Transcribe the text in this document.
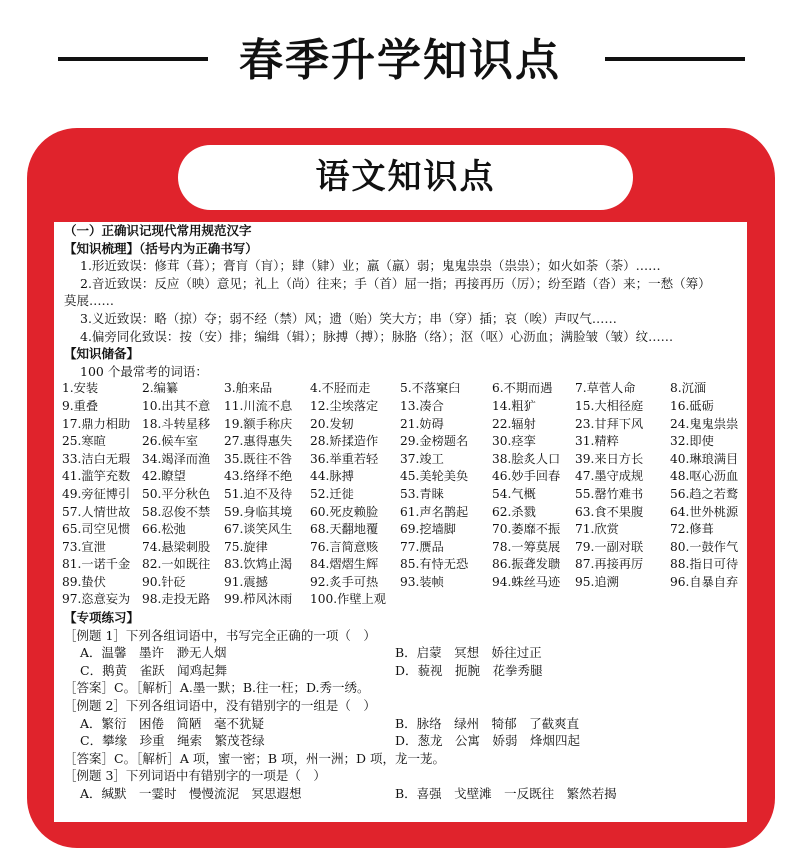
春季升学知识点
语文知识点
（一）正确识记现代常用规范汉字
【知识梳理】（括号内为正确书写）
1.形近致误：修茸（葺）；膏肓（肓）；肆（肄）业；羸（羸）弱；鬼鬼祟祟（祟祟）；如火如荼（荼）……
2.音近致误：反应（映）意见；礼上（尚）往来；手（首）屈一指；再接再历（厉）；纷至踏（沓）来；一愁（筹）
莫展……
3.义近致误：略（掠）夺；弱不经（禁）风；遗（贻）笑大方；串（穿）插；哀（唉）声叹气……
4.偏旁同化致误：按（安）排；编缉（辑）；脉搏（搏）；脉胳（络）；沤（呕）心沥血；满脸皱（皱）纹……
【知识储备】
100 个最常考的词语：
1.安装	2.编纂	3.舶来品	4.不胫而走	5.不落窠臼	6.不期而遇	7.草菅人命	8.沉湎
9.重叠	10.出其不意	11.川流不息	12.尘埃落定	13.凑合	14.粗犷	15.大相径庭	16.砥砺
17.鼎力相助 18.斗转星移	19.额手称庆	20.发轫	21.妨碍	22.辐射	23.甘拜下风	24.鬼鬼祟祟
25.寒暄	26.候车室	27.惠得惠失	28.矫揉造作	29.金榜题名	30.痉挛	31.精粹	32.即使
33.洁白无瑕 34.竭泽而渔	35.既往不咎	36.举重若轻	37.竣工	38.脍炙人口	39.来日方长	40.琳琅满目
41.滥竽充数 42.瞭望	43.络绎不绝	44.脉搏	45.美轮美奂	46.妙手回春	47.墨守成规	48.呕心沥血
49.旁征博引 50.平分秋色	51.迫不及待	52.迁徙	53.青睐	54.气概	55.罄竹难书	56.趋之若鹜
57.人情世故 58.忍俊不禁	59.身临其境	60.死皮赖脸	61.声名鹊起	62.杀戮	63.食不果腹	64.世外桃源
65.司空见惯 66.松弛	67.谈笑风生	68.天翻地覆	69.挖墙脚	70.萎靡不振	71.欣赏	72.修葺
73.宣泄	74.悬梁刺股	75.旋律	76.言简意赅	77.赝品	78.一筹莫展	79.一副对联	80.一鼓作气
81.一诺千金 82.一如既往	83.饮鸩止渴	84.熠熠生辉	85.有恃无恐	86.振聋发聩	87.再接再厉	88.指日可待
89.蛰伏	90.针砭	91.震撼	92.炙手可热	93.装帧	94.蛛丝马迹	95.追溯	96.自暴自弃
97.恣意妄为 98.走投无路	99.栉风沐雨	100.作壁上观
【专项练习】
［例题 1］下列各组词语中，书写完全正确的一项（　）
A．温馨　墨许　渺无人烟	B．启蒙　冥想　娇往过正
C．鹅黄　雀跃　闻鸡起舞	D．藐视　扼腕　花拳秀腿
［答案］C。［解析］A.墨一默；B.往一枉；D.秀一绣。
［例题 2］下列各组词语中，没有错别字的一组是（　）
A．繁衍　困倦　简陋　毫不犹疑	B．脉络　绿州　犄郁　了截爽直
C．攀缘　珍重　绳索　繁茂苍绿	D．葱龙　公寓　娇弱　烽烟四起
［答案］C。［解析］A 项，蜜一密；B 项，州一洲；D 项，龙一茏。
［例题 3］下列词语中有错别字的一项是（　）
A．缄默　一霎时　慢慢流泥　冥思遐想	B．喜强　戈壁滩　一反既往　繁然若揭
